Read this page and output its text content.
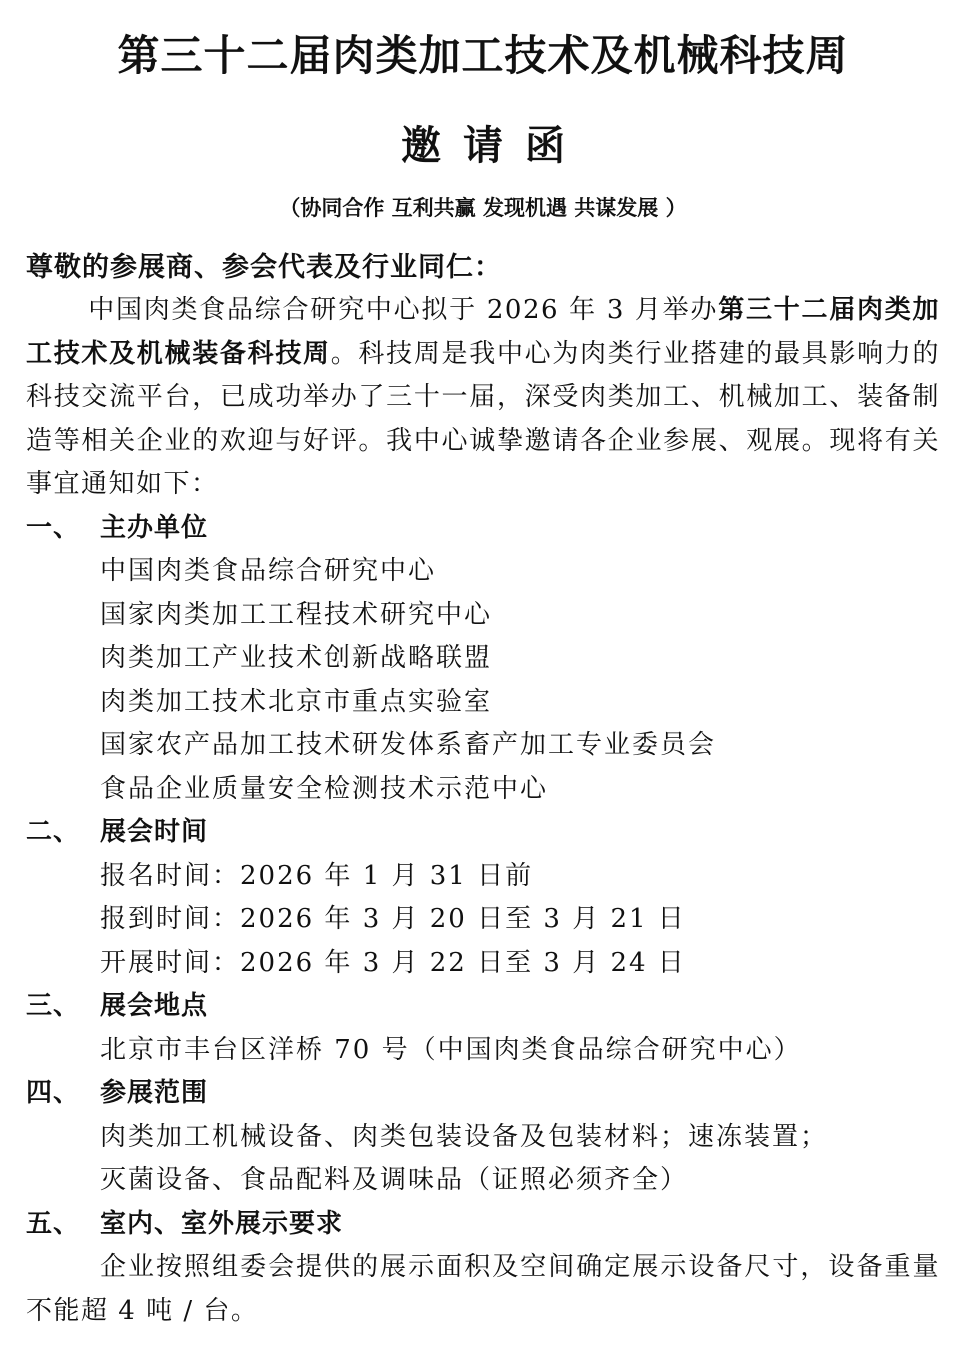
第三十二届肉类加工技术及机械科技周
邀请函
（协同合作 互利共赢 发现机遇 共谋发展 ）
尊敬的参展商、参会代表及行业同仁：

中国肉类食品综合研究中心拟于 2026 年 3 月举办第三十二届肉类加工技术及机械装备科技周。科技周是我中心为肉类行业搭建的最具影响力的科技交流平台，已成功举办了三十一届，深受肉类加工、机械加工、装备制造等相关企业的欢迎与好评。我中心诚挚邀请各企业参展、观展。现将有关事宜通知如下：

一、 主办单位
中国肉类食品综合研究中心
国家肉类加工工程技术研究中心
肉类加工产业技术创新战略联盟
肉类加工技术北京市重点实验室
国家农产品加工技术研发体系畜产加工专业委员会
食品企业质量安全检测技术示范中心
二、 展会时间
报名时间：2026 年 1 月 31 日前
报到时间：2026 年 3 月 20 日至 3 月 21 日
开展时间：2026 年 3 月 22 日至 3 月 24 日
三、 展会地点
北京市丰台区洋桥 70 号（中国肉类食品综合研究中心）
四、 参展范围
肉类加工机械设备、肉类包装设备及包装材料；速冻装置；
灭菌设备、食品配料及调味品（证照必须齐全）
五、 室内、室外展示要求

企业按照组委会提供的展示面积及空间确定展示设备尺寸，设备重量不能超 4 吨 / 台。
